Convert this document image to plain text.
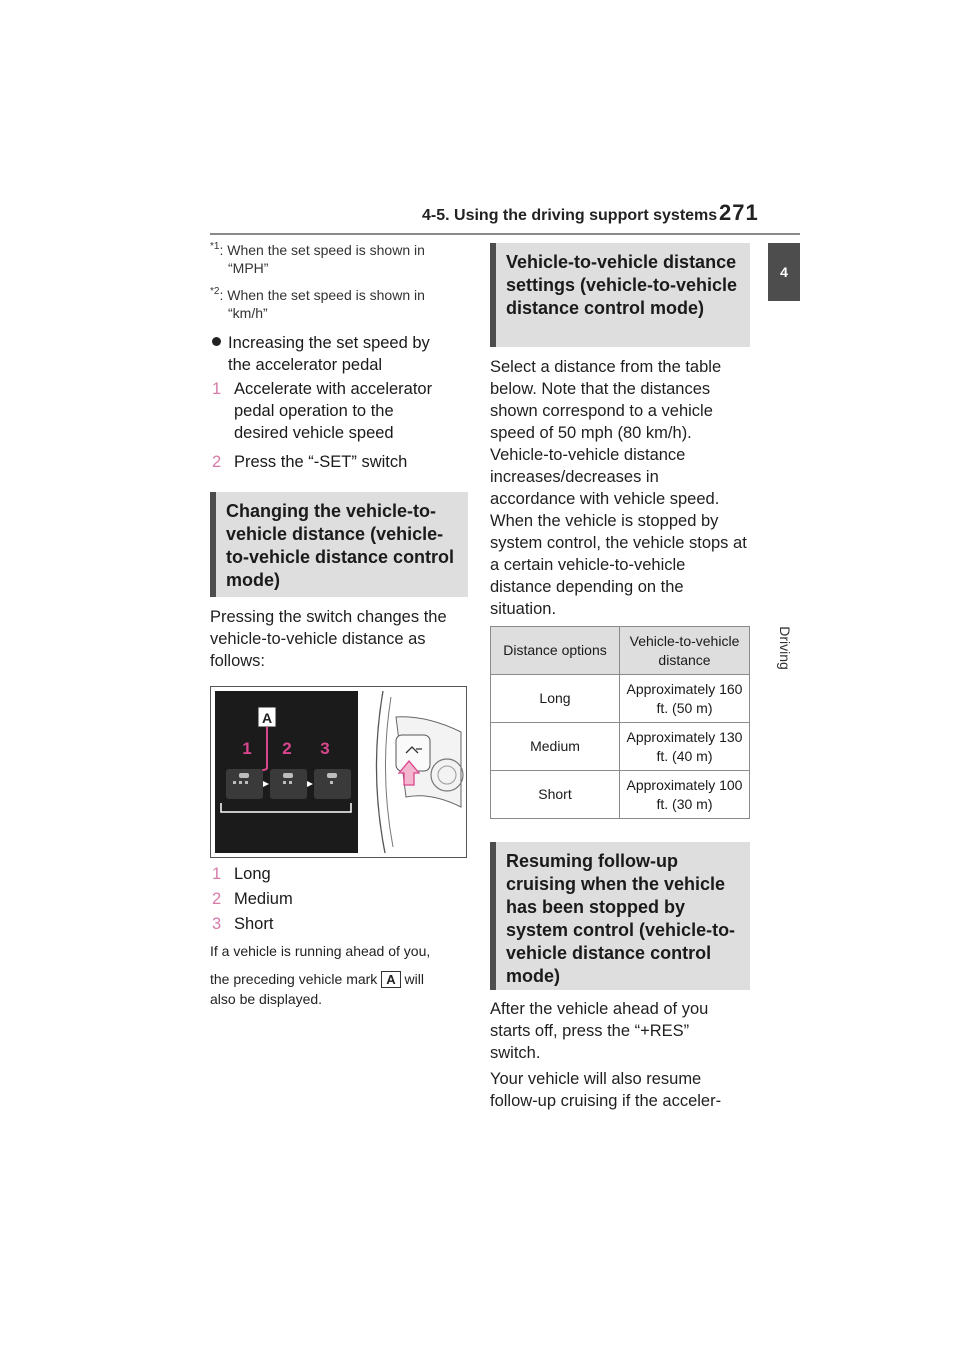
4-5. Using the driving support systems 271
4
Driving
$^{*1}$: When the set speed is shown in
“MPH”
$^{*2}$: When the set speed is shown in
“km/h”
Increasing the set speed by
the accelerator pedal
1 Accelerate with accelerator pedal operation to the desired vehicle speed
2 Press the “-SET” switch
Changing the vehicle-to-vehicle distance (vehicle-to-vehicle distance control mode)
Pressing the switch changes the vehicle-to-vehicle distance as follows:
A
1 2 3
1 Long
2 Medium
3 Short
If a vehicle is running ahead of you,
the preceding vehicle mark A will
also be displayed.
Vehicle-to-vehicle distance settings (vehicle-to-vehicle distance control mode)
Select a distance from the table below. Note that the distances shown correspond to a vehicle speed of 50 mph (80 km/h). Vehicle-to-vehicle distance increases/decreases in accordance with vehicle speed. When the vehicle is stopped by system control, the vehicle stops at a certain vehicle-to-vehicle distance depending on the situation.
Distance options	Vehicle-to-vehicle distance
Long	Approximately 160 ft. (50 m)
Medium	Approximately 130 ft. (40 m)
Short	Approximately 100 ft. (30 m)
Resuming follow-up cruising when the vehicle has been stopped by system control (vehicle-to-vehicle distance control mode)
After the vehicle ahead of you starts off, press the “+RES” switch.
Your vehicle will also resume follow-up cruising if the acceler-
